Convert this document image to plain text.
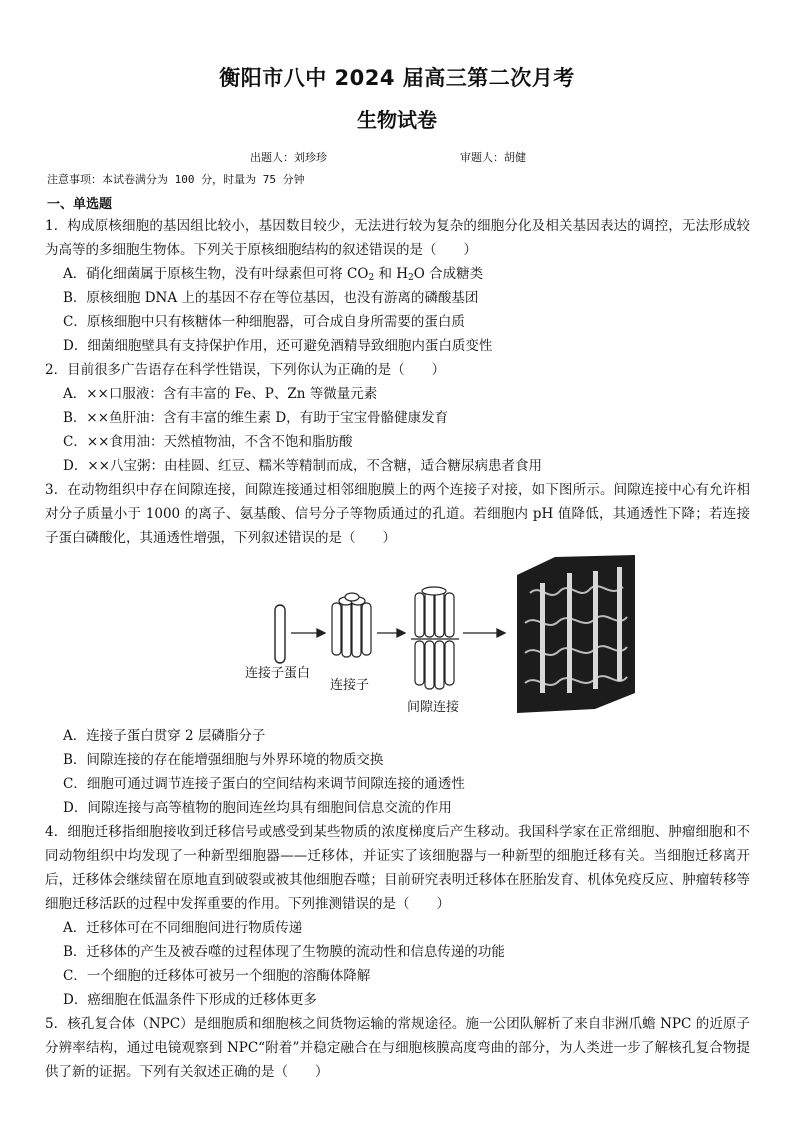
衡阳市八中 2024 届高三第二次月考
生物试卷
出题人：刘珍珍	审题人：胡健
注意事项：本试卷满分为 100 分，时量为 75 分钟
一、单选题
1．构成原核细胞的基因组比较小，基因数目较少，无法进行较为复杂的细胞分化及相关基因表达的调控，无法形成较为高等的多细胞生物体。下列关于原核细胞结构的叙述错误的是（　　）
A．硝化细菌属于原核生物，没有叶绿素但可将 $CO_2$ 和 $H_2O$ 合成糖类
B．原核细胞 DNA 上的基因不存在等位基因，也没有游离的磷酸基团
C．原核细胞中只有核糖体一种细胞器，可合成自身所需要的蛋白质
D．细菌细胞壁具有支持保护作用，还可避免酒精导致细胞内蛋白质变性
2．目前很多广告语存在科学性错误，下列你认为正确的是（　　）
A．××口服液：含有丰富的 Fe、P、Zn 等微量元素
B．××鱼肝油：含有丰富的维生素 D，有助于宝宝骨骼健康发育
C．××食用油：天然植物油，不含不饱和脂肪酸
D．××八宝粥：由桂圆、红豆、糯米等精制而成，不含糖，适合糖尿病患者食用
3．在动物组织中存在间隙连接，间隙连接通过相邻细胞膜上的两个连接子对接，如下图所示。间隙连接中心有允许相对分子质量小于 1000 的离子、氨基酸、信号分子等物质通过的孔道。若细胞内 pH 值降低，其通透性下降；若连接子蛋白磷酸化，其通透性增强，下列叙述错误的是（　　）
连接子蛋白
连接子
间隙连接
A．连接子蛋白贯穿 2 层磷脂分子
B．间隙连接的存在能增强细胞与外界环境的物质交换
C．细胞可通过调节连接子蛋白的空间结构来调节间隙连接的通透性
D．间隙连接与高等植物的胞间连丝均具有细胞间信息交流的作用
4．细胞迁移指细胞接收到迁移信号或感受到某些物质的浓度梯度后产生移动。我国科学家在正常细胞、肿瘤细胞和不同动物组织中均发现了一种新型细胞器——迁移体，并证实了该细胞器与一种新型的细胞迁移有关。当细胞迁移离开后，迁移体会继续留在原地直到破裂或被其他细胞吞噬；目前研究表明迁移体在胚胎发育、机体免疫反应、肿瘤转移等细胞迁移活跃的过程中发挥重要的作用。下列推测错误的是（　　）
A．迁移体可在不同细胞间进行物质传递
B．迁移体的产生及被吞噬的过程体现了生物膜的流动性和信息传递的功能
C．一个细胞的迁移体可被另一个细胞的溶酶体降解
D．癌细胞在低温条件下形成的迁移体更多
5．核孔复合体（NPC）是细胞质和细胞核之间货物运输的常规途径。施一公团队解析了来自非洲爪蟾 NPC 的近原子分辨率结构，通过电镜观察到 NPC“附着”并稳定融合在与细胞核膜高度弯曲的部分，为人类进一步了解核孔复合物提供了新的证据。下列有关叙述正确的是（　　）
